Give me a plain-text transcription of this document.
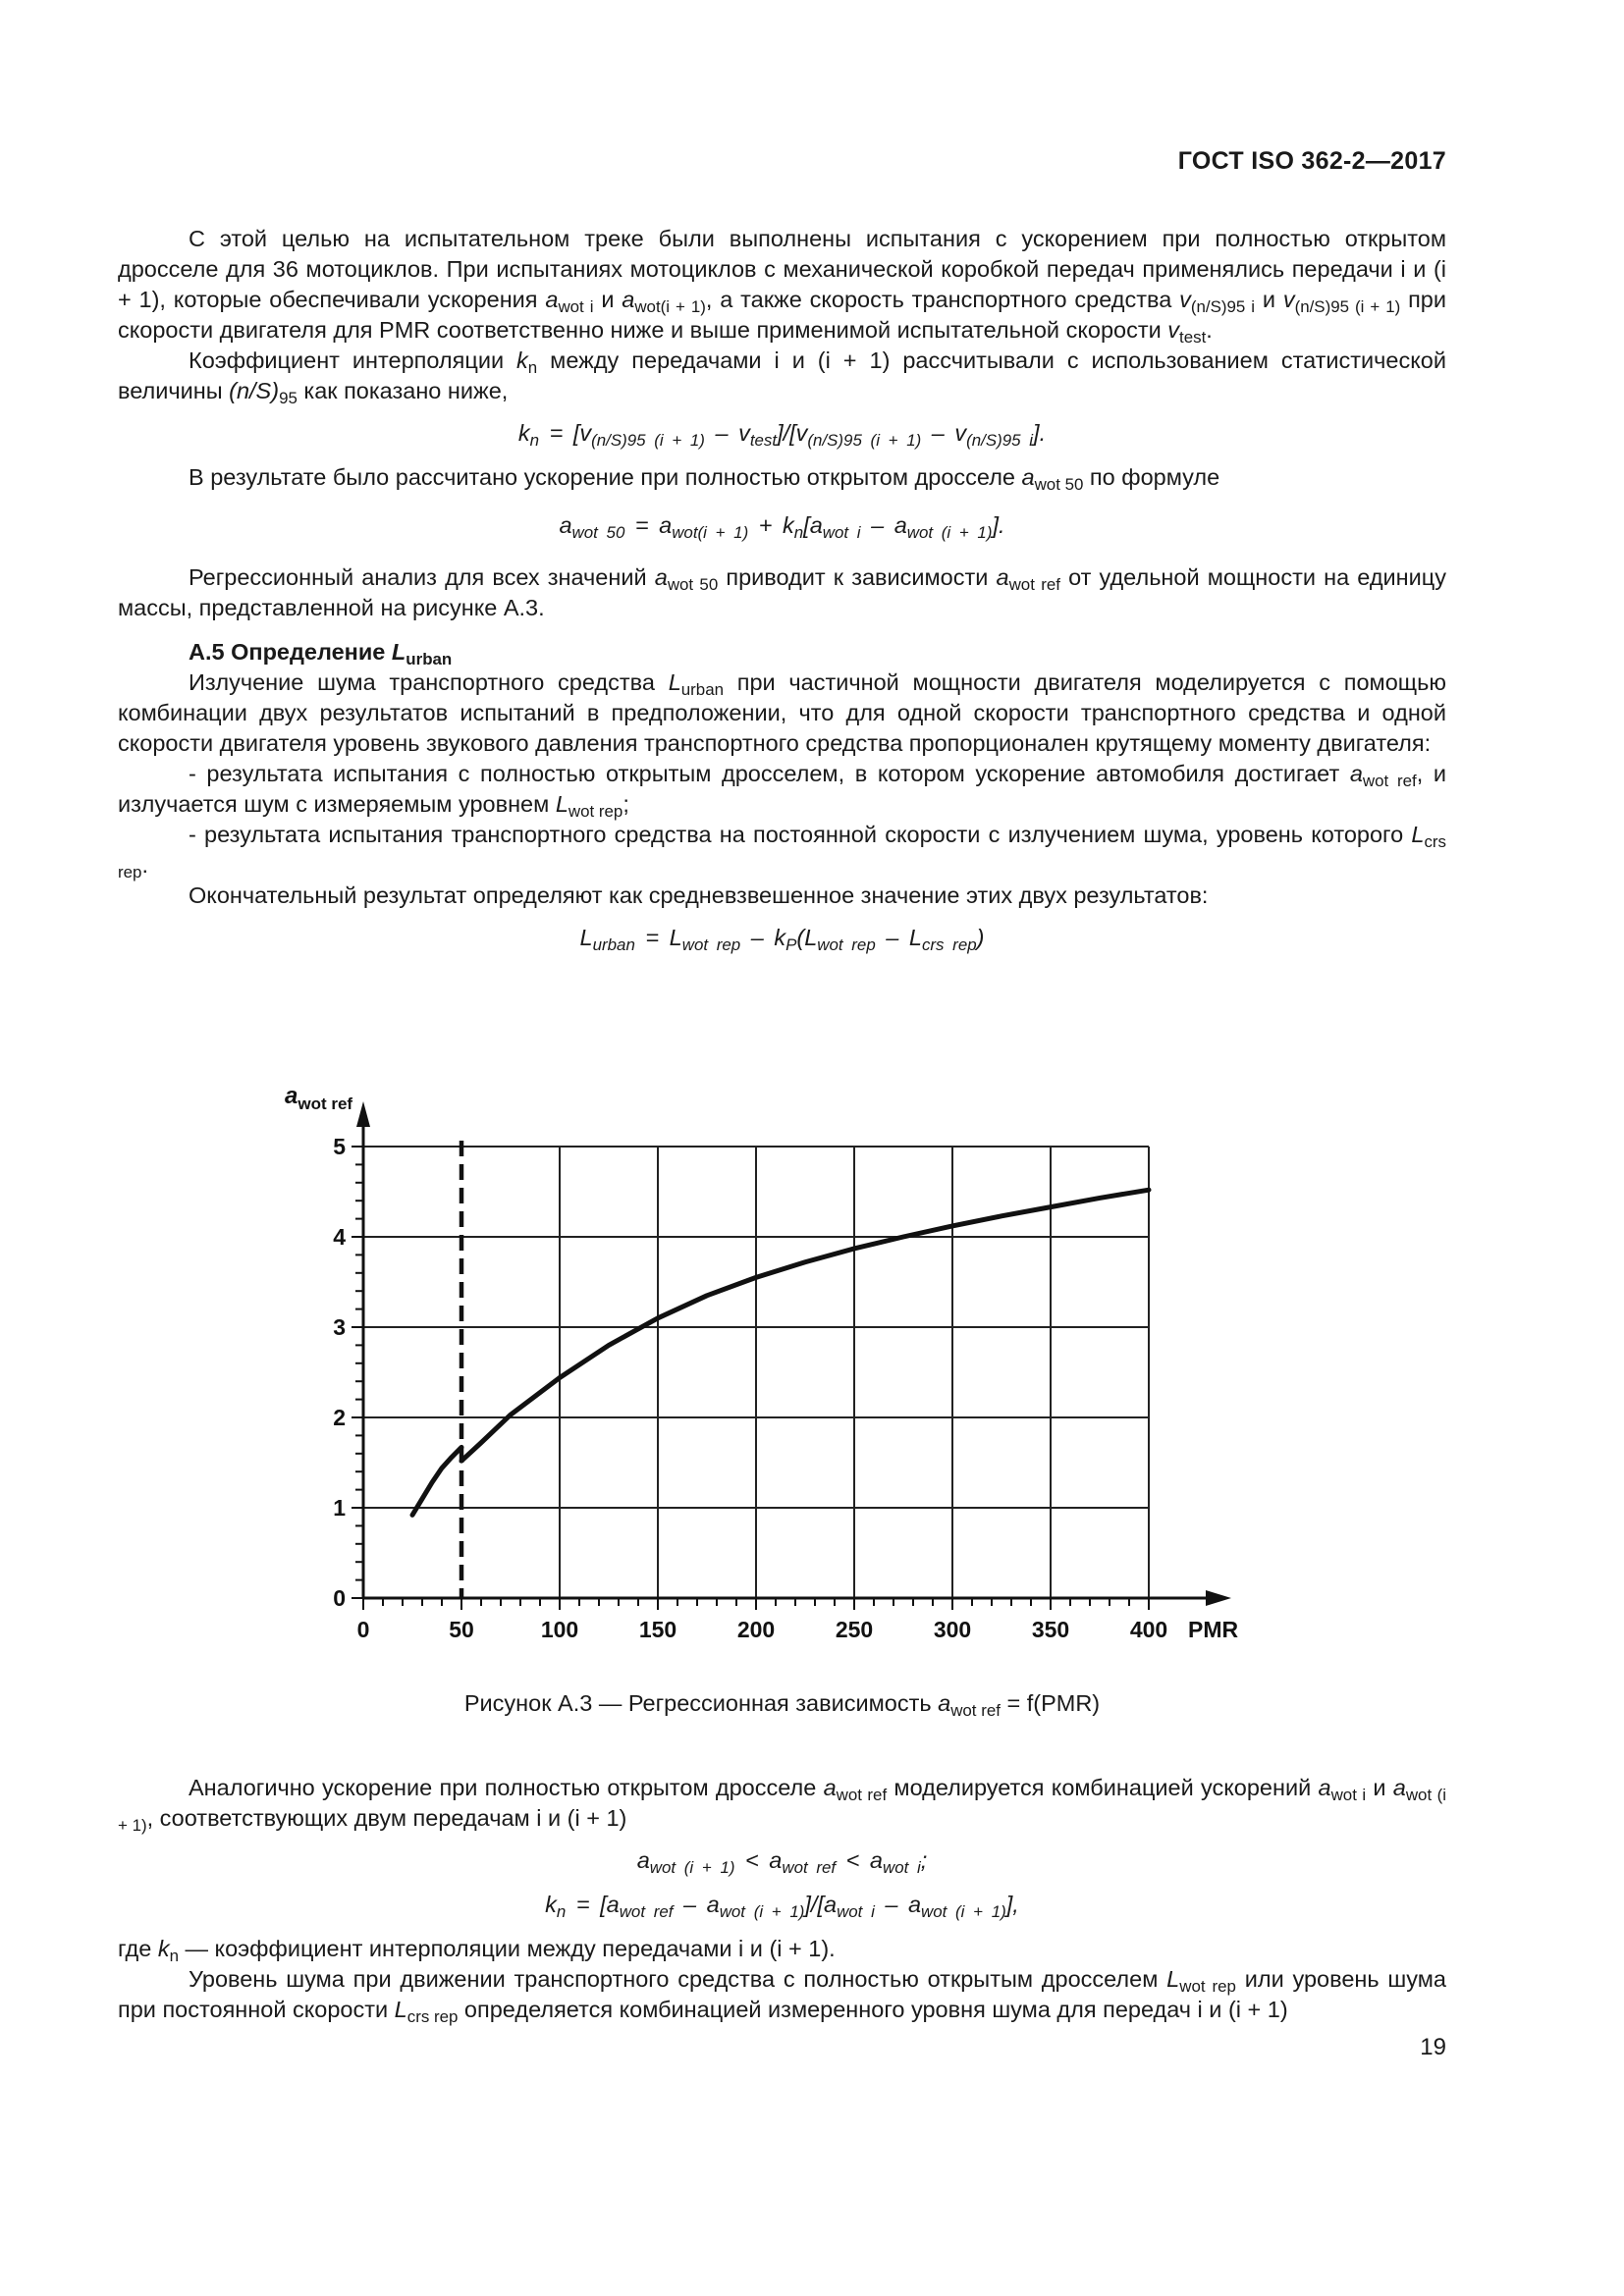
ГОСТ ISO 362-2—2017

С этой целью на испытательном треке были выполнены испытания с ускорением при полностью открытом дросселе для 36 мотоциклов. При испытаниях мотоциклов с механической коробкой передач применялись передачи i и (i + 1), которые обеспечивали ускорения $a_{wot i}$ и $a_{wot(i + 1)}$, а также скорость транспортного средства $v_{(n/S)95 i}$ и $v_{(n/S)95 (i + 1)}$ при скорости двигателя для PMR соответственно ниже и выше применимой испытательной скорости $v_{test}$.

Коэффициент интерполяции $k_n$ между передачами i и (i + 1) рассчитывали с использованием статистической величины $(n/S)_{95}$ как показано ниже,

$k_n = [v_{(n/S)95 (i + 1)} - v_{test}]/[v_{(n/S)95 (i + 1)} - v_{(n/S)95 i}]$.

В результате было рассчитано ускорение при полностью открытом дросселе $a_{wot 50}$ по формуле

$a_{wot 50} = a_{wot(i + 1)} + k_n[a_{wot i} - a_{wot (i + 1)}]$.

Регрессионный анализ для всех значений $a_{wot 50}$ приводит к зависимости $a_{wot ref}$ от удельной мощности на единицу массы, представленной на рисунке А.3.

А.5 Определение $L_{urban}$

Излучение шума транспортного средства $L_{urban}$ при частичной мощности двигателя моделируется с помощью комбинации двух результатов испытаний в предположении, что для одной скорости транспортного средства и одной скорости двигателя уровень звукового давления транспортного средства пропорционален крутящему моменту двигателя:

- результата испытания с полностью открытым дросселем, в котором ускорение автомобиля достигает $a_{wot ref}$, и излучается шум с измеряемым уровнем $L_{wot rep}$;

- результата испытания транспортного средства на постоянной скорости с излучением шума, уровень которого $L_{crs rep}$.

Окончательный результат определяют как средневзвешенное значение этих двух результатов:

$L_{urban} = L_{wot rep} - k_P(L_{wot rep} - L_{crs rep})$
0	50	100	150	200	250	300	350	400
0
1
2
3
4
5
PMR
$a_{wot ref}$
Рисунок А.3 — Регрессионная зависимость $a_{wot ref} = f(PMR)$

Аналогично ускорение при полностью открытом дросселе $a_{wot ref}$ моделируется комбинацией ускорений $a_{wot i}$ и $a_{wot (i + 1)}$, соответствующих двум передачам i и (i + 1)

$a_{wot (i + 1)} < a_{wot ref} < a_{wot i}$;
$k_n = [a_{wot ref} - a_{wot (i + 1)}]/[a_{wot i} - a_{wot (i + 1)}]$,

где $k_n$ — коэффициент интерполяции между передачами i и (i + 1).

Уровень шума при движении транспортного средства с полностью открытым дросселем $L_{wot rep}$ или уровень шума при постоянной скорости $L_{crs rep}$ определяется комбинацией измеренного уровня шума для передач i и (i + 1)

19
